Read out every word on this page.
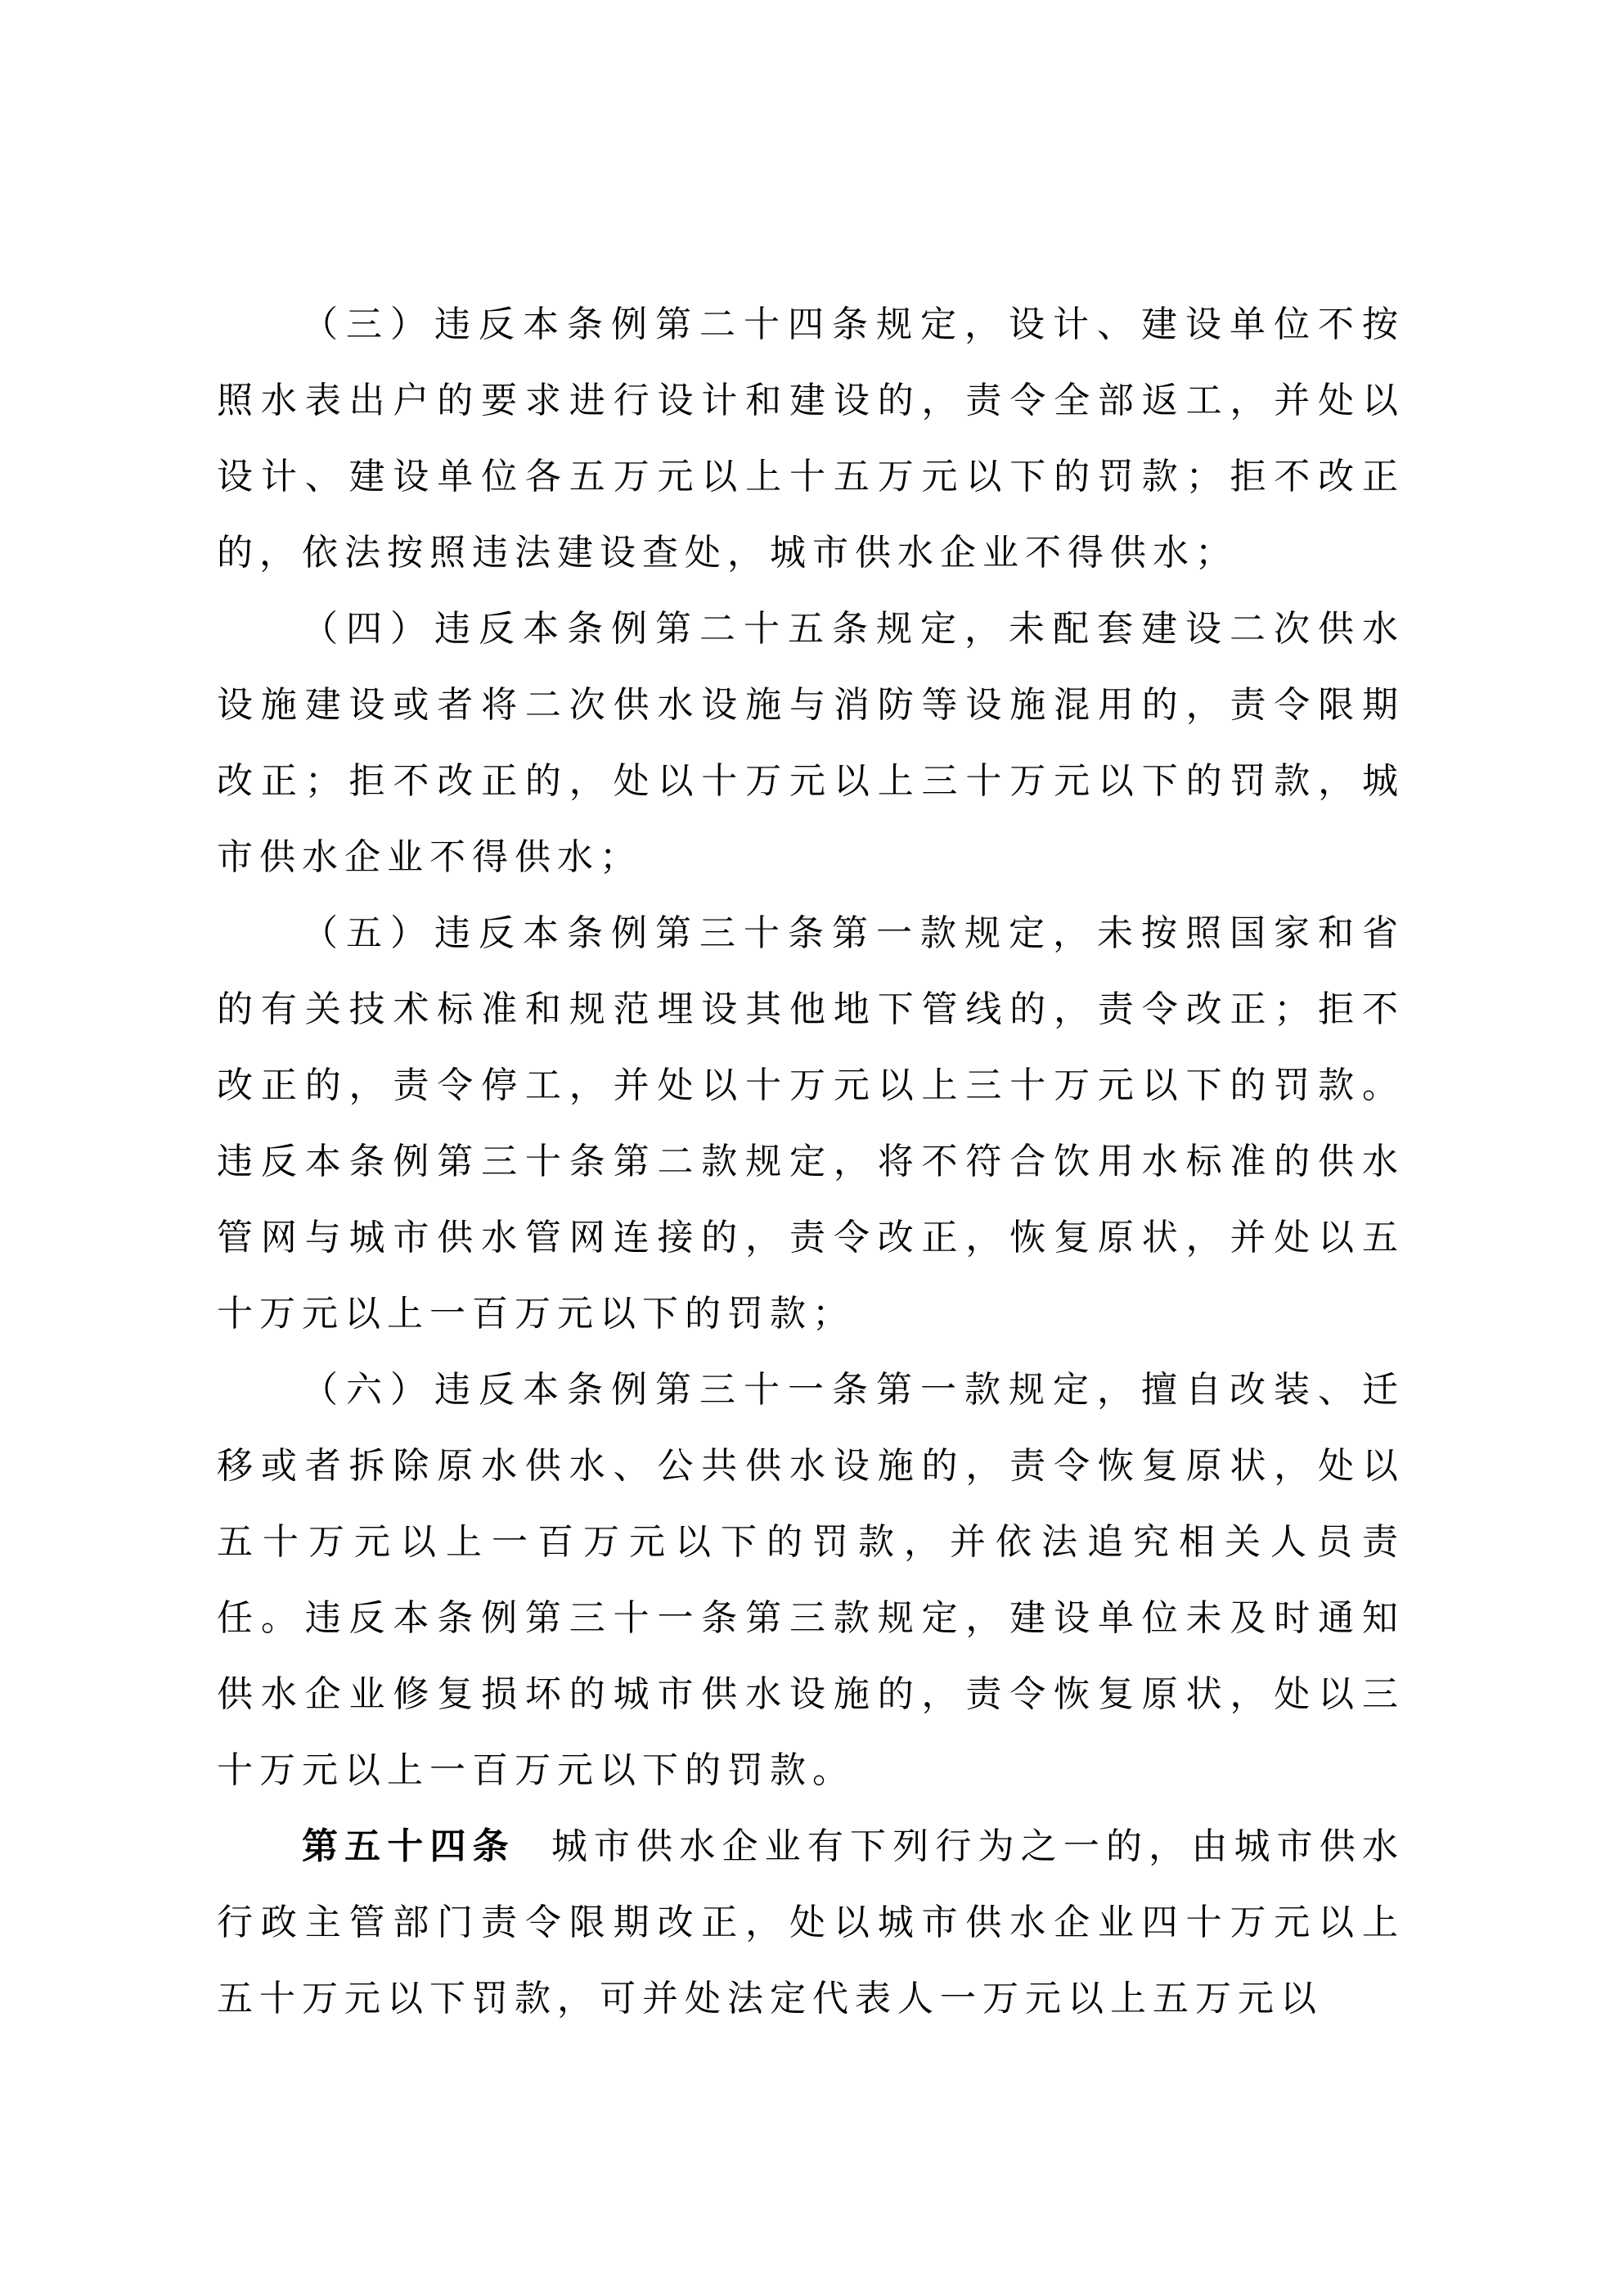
（三）违反本条例第二十四条规定，设计、建设单位不按照水表出户的要求进行设计和建设的，责令全部返工，并处以设计、建设单位各五万元以上十五万元以下的罚款；拒不改正的，依法按照违法建设查处，城市供水企业不得供水；

（四）违反本条例第二十五条规定，未配套建设二次供水设施建设或者将二次供水设施与消防等设施混用的，责令限期改正；拒不改正的，处以十万元以上三十万元以下的罚款，城市供水企业不得供水；

（五）违反本条例第三十条第一款规定，未按照国家和省的有关技术标准和规范埋设其他地下管线的，责令改正；拒不改正的，责令停工，并处以十万元以上三十万元以下的罚款。违反本条例第三十条第二款规定，将不符合饮用水标准的供水管网与城市供水管网连接的，责令改正，恢复原状，并处以五十万元以上一百万元以下的罚款；

（六）违反本条例第三十一条第一款规定，擅自改装、迁移或者拆除原水供水、公共供水设施的，责令恢复原状，处以五十万元以上一百万元以下的罚款，并依法追究相关人员责任。违反本条例第三十一条第三款规定，建设单位未及时通知供水企业修复损坏的城市供水设施的，责令恢复原状，处以三十万元以上一百万元以下的罚款。

第五十四条 城市供水企业有下列行为之一的，由城市供水行政主管部门责令限期改正，处以城市供水企业四十万元以上五十万元以下罚款，可并处法定代表人一万元以上五万元以
